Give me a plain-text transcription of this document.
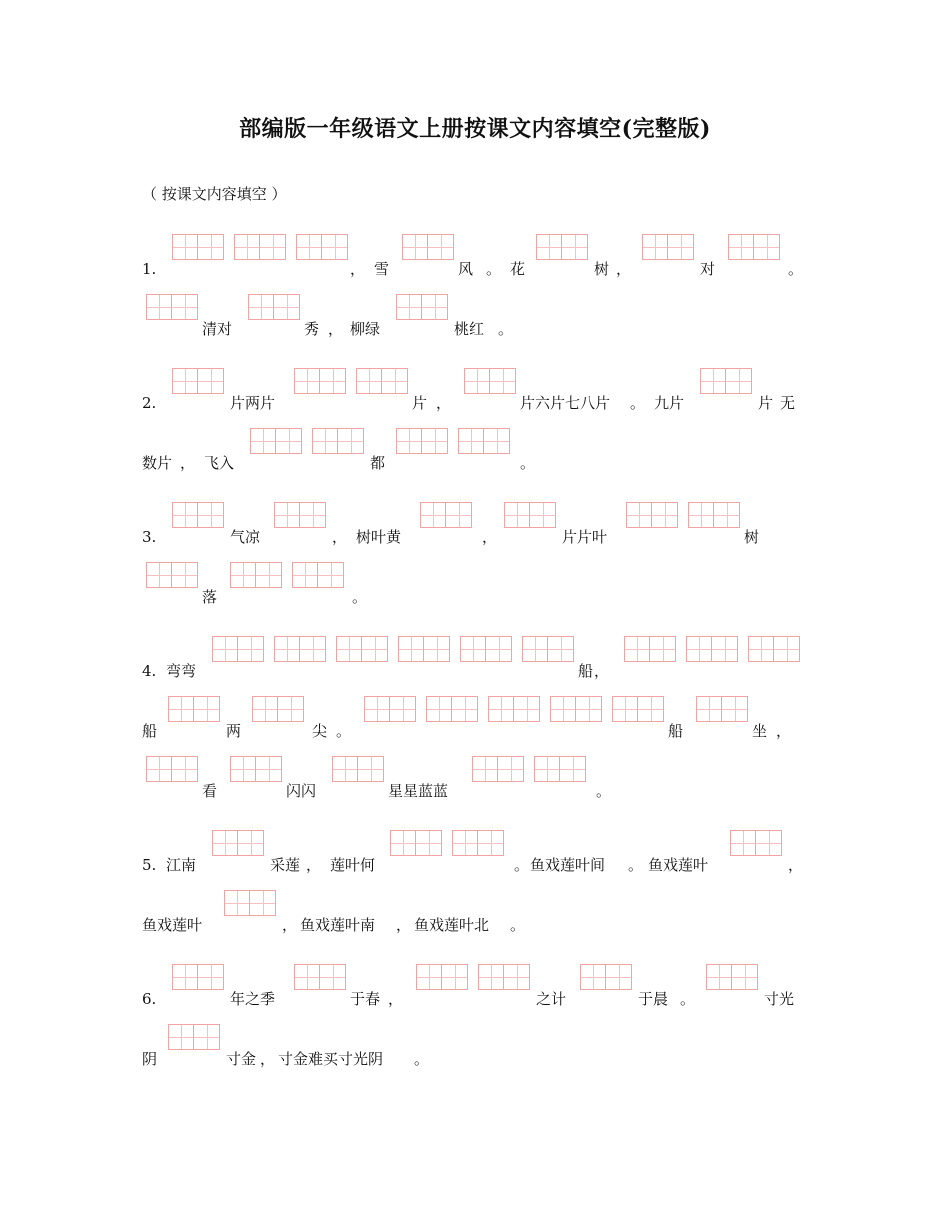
部编版一年级语文上册按课文内容填空(完整版)
（ 按课文内容填空 ）
1.	， 雪	风 。 花	树 ，	对	。
清对	秀 ， 柳绿	桃红 。
2.	片两片	片 ，	片六片七八片 。 九片	片 无
数片 ， 飞入	都	。
3.	气凉	， 树叶黄	，	片片叶	树
落	。
4. 弯弯	船 ，
船	两	尖 。	船	坐 ，
看	闪闪	星星蓝蓝	。
5. 江南	采莲 ， 莲叶何	。 鱼戏莲叶间 。 鱼戏莲叶	，
鱼戏莲叶	， 鱼戏莲叶南 ， 鱼戏莲叶北 。
6.	年之季	于春 ，	之计	于晨 。	寸光
阴	寸金 ， 寸金难买寸光阴 。
